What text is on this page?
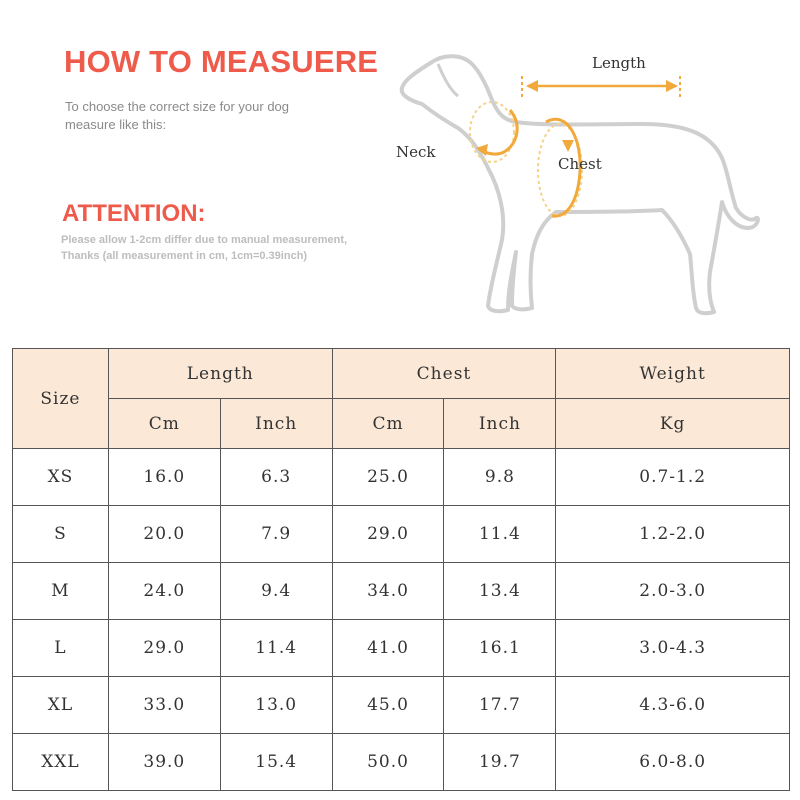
HOW TO MEASUERE
To choose the correct size for your dog
measure like this:
ATTENTION:
Please allow 1-2cm differ due to manual measurement,
Thanks (all measurement in cm, 1cm=0.39inch)
Length
Neck
Chest
Size	Length		Chest		Weight
	Cm	Inch	Cm	Inch	Kg
XS	16.0	6.3	25.0	9.8	0.7-1.2
S	20.0	7.9	29.0	11.4	1.2-2.0
M	24.0	9.4	34.0	13.4	2.0-3.0
L	29.0	11.4	41.0	16.1	3.0-4.3
XL	33.0	13.0	45.0	17.7	4.3-6.0
XXL	39.0	15.4	50.0	19.7	6.0-8.0
